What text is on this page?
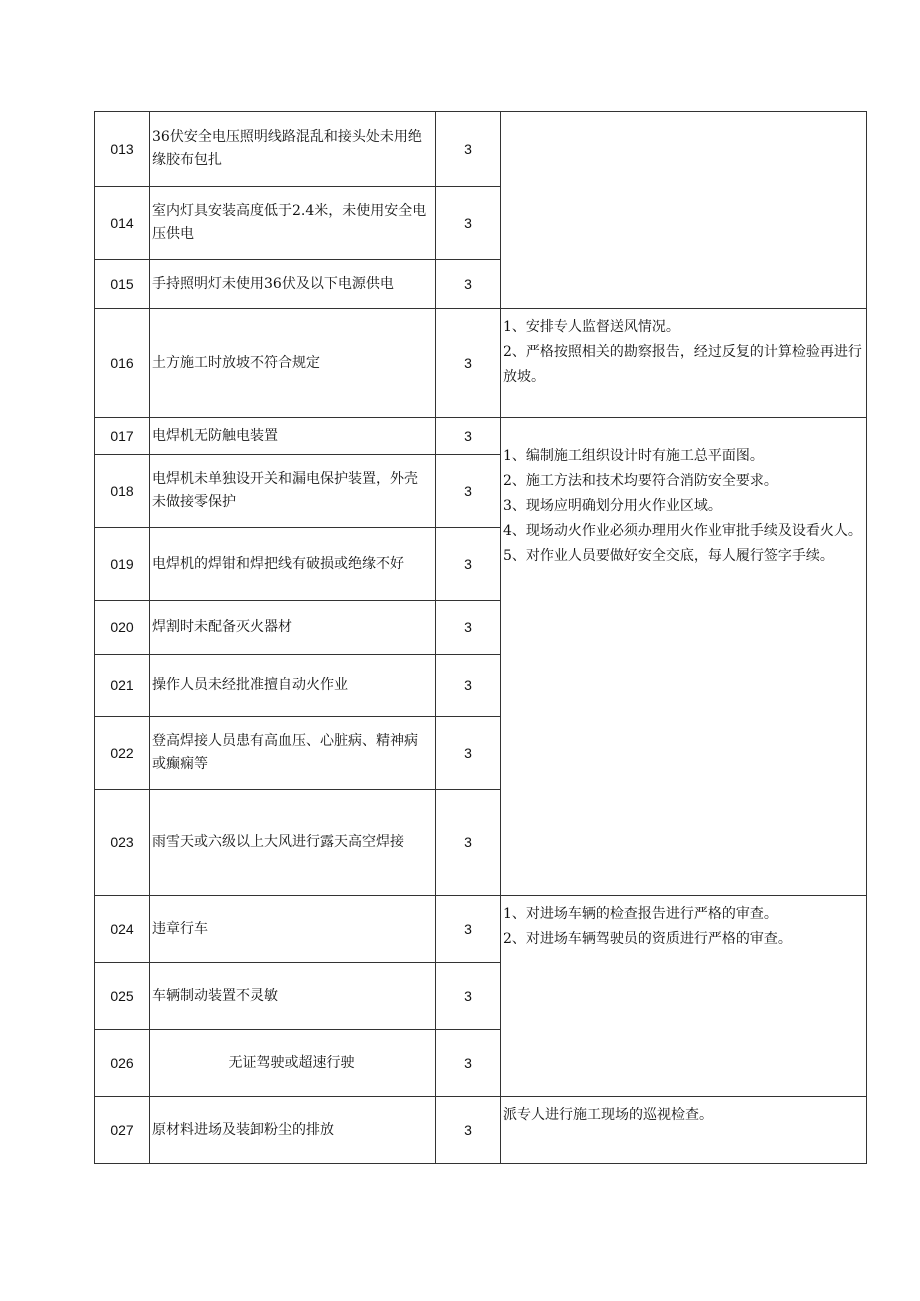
013	36伏安全电压照明线路混乱和接头处未用绝缘胶布包扎	3	
014	室内灯具安装高度低于2.4米，未使用安全电压供电	3	
015	手持照明灯未使用36伏及以下电源供电	3	
016	土方施工时放坡不符合规定	3	1、安排专人监督送风情况。
2、严格按照相关的勘察报告，经过反复的计算检验再进行放坡。

017	电焊机无防触电装置	3	1、编制施工组织设计时有施工总平面图。
2、施工方法和技术均要符合消防安全要求。
3、现场应明确划分用火作业区域。
4、现场动火作业必须办理用火作业审批手续及设看火人。
5、对作业人员要做好安全交底，每人履行签字手续。

018	电焊机未单独设开关和漏电保护装置，外壳未做接零保护	3	
019	电焊机的焊钳和焊把线有破损或绝缘不好	3	
020	焊割时未配备灭火器材	3	
021	操作人员未经批准擅自动火作业	3	
022	登高焊接人员患有高血压、心脏病、精神病或癫痫等	3	
023	雨雪天或六级以上大风进行露天高空焊接	3	
024	违章行车	3	1、对进场车辆的检查报告进行严格的审查。
2、对进场车辆驾驶员的资质进行严格的审查。

025	车辆制动装置不灵敏	3	
026	无证驾驶或超速行驶	3	
027	原材料进场及装卸粉尘的排放	3	派专人进行施工现场的巡视检查。
